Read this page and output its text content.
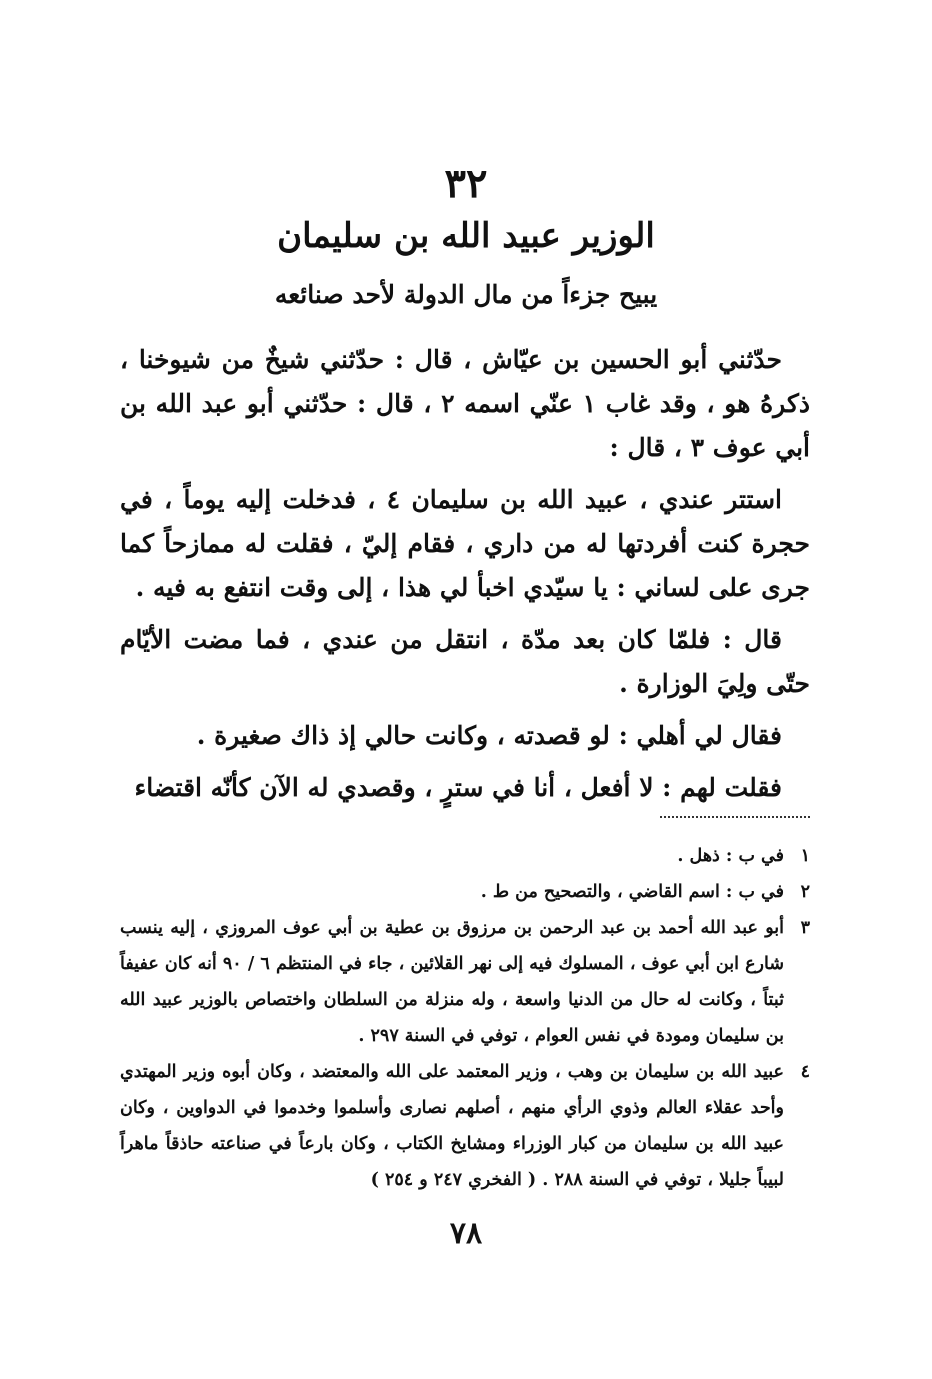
٣٢
الوزير عبيد الله بن سليمان
يبيح جزءاً من مال الدولة لأحد صنائعه

حدّثني أبو الحسين بن عيّاش ، قال : حدّثني شيخٌ من شيوخنا ، ذكرهُ هو ، وقد غاب ١ عنّي اسمه ٢ ، قال : حدّثني أبو عبد الله بن أبي عوف ٣ ، قال :

استتر عندي ، عبيد الله بن سليمان ٤ ، فدخلت إليه يوماً ، في حجرة كنت أفردتها له من داري ، فقام إليّ ، فقلت له ممازحاً كما جرى على لساني : يا سيّدي اخبأ لي هذا ، إلى وقت انتفع به فيه .

قال : فلمّا كان بعد مدّة ، انتقل من عندي ، فما مضت الأيّام حتّى ولِيَ الوزارة .

فقال لي أهلي : لو قصدته ، وكانت حالي إذ ذاك صغيرة .

فقلت لهم : لا أفعل ، أنا في سترٍ ، وقصدي له الآن كأنّه اقتضاء

١
في ب : ذهل .
٢
في ب : اسم القاضي ، والتصحيح من ط .
٣
أبو عبد الله أحمد بن عبد الرحمن بن مرزوق بن عطية بن أبي عوف المروزي ، إليه ينسب شارع ابن أبي عوف ، المسلوك فيه إلى نهر القلائين ، جاء في المنتظم ٦ / ٩٠ أنه كان عفيفاً ثبتاً ، وكانت له حال من الدنيا واسعة ، وله منزلة من السلطان واختصاص بالوزير عبيد الله بن سليمان ومودة في نفس العوام ، توفي في السنة ٢٩٧ .
٤
عبيد الله بن سليمان بن وهب ، وزير المعتمد على الله والمعتضد ، وكان أبوه وزير المهتدي وأحد عقلاء العالم وذوي الرأي منهم ، أصلهم نصارى وأسلموا وخدموا في الدواوين ، وكان عبيد الله بن سليمان من كبار الوزراء ومشايخ الكتاب ، وكان بارعاً في صناعته حاذقاً ماهراً لبيباً جليلا ، توفي في السنة ٢٨٨ . ( الفخري ٢٤٧ و ٢٥٤ )
٧٨
